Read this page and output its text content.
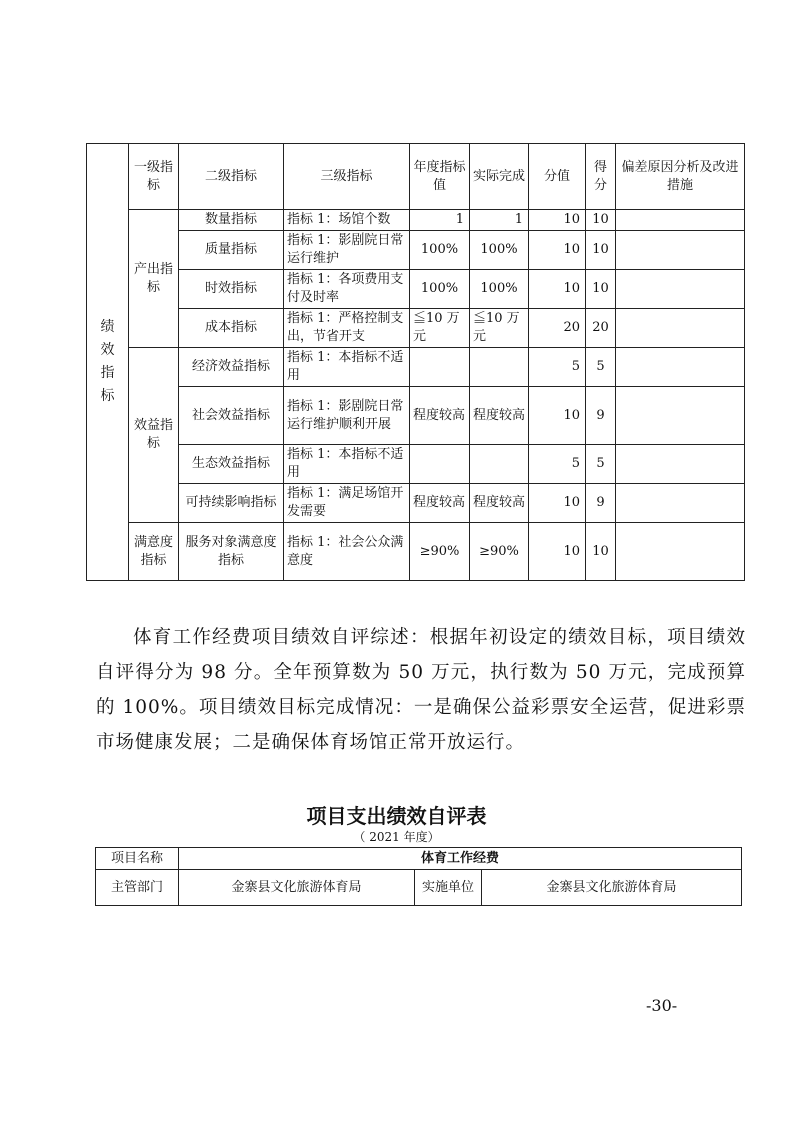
绩效指标	一级指标	二级指标	三级指标	年度指标值	实际完成	分值	得分	偏差原因分析及改进措施
	产出指标	数量指标	指标 1：场馆个数	1	1	10	10	
		质量指标	指标 1：影剧院日常运行维护	100%	100%	10	10	
		时效指标	指标 1：各项费用支付及时率	100%	100%	10	10	
		成本指标	指标 1：严格控制支出，节省开支	≦10 万元	≦10 万元	20	20	
	效益指标	经济效益指标	指标 1：本指标不适用			5	5	
		社会效益指标	指标 1：影剧院日常运行维护顺利开展	程度较高	程度较高	10	9	
		生态效益指标	指标 1：本指标不适用			5	5	
		可持续影响指标	指标 1：满足场馆开发需要	程度较高	程度较高	10	9	
	满意度指标	服务对象满意度指标	指标 1：社会公众满意度	≥90%	≥90%	10	10	

体育工作经费项目绩效自评综述：根据年初设定的绩效目标，项目绩效自评得分为 98 分。全年预算数为 50 万元，执行数为 50 万元，完成预算的 100%。项目绩效目标完成情况：一是确保公益彩票安全运营，促进彩票市场健康发展；二是确保体育场馆正常开放运行。

项目支出绩效自评表
（ 2021 年度）
项目名称	体育工作经费		
主管部门	金寨县文化旅游体育局	实施单位	金寨县文化旅游体育局
-30-
